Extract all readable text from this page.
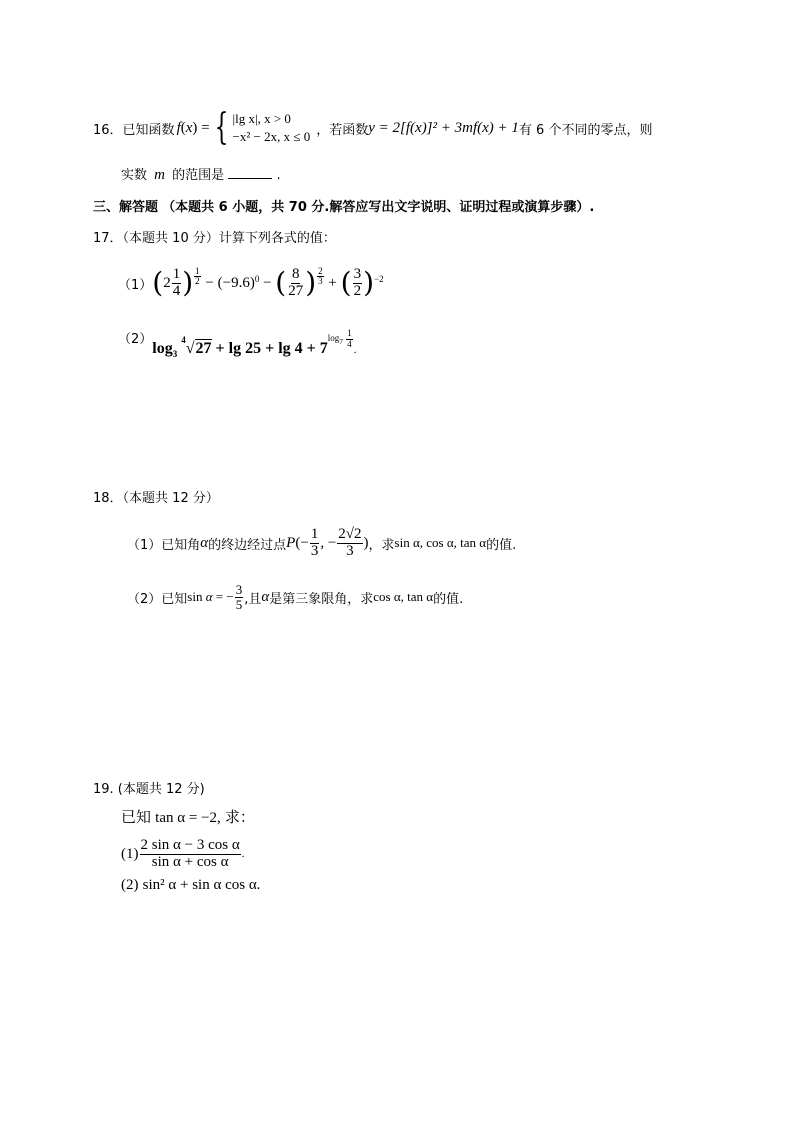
16． 已知函数 f (x) = { |lg x|, x > 0
−x² − 2x, x ≤ 0 ，若函数 y = 2[f(x)]² + 3mf(x) + 1 有 6 个不同的零点，则
实数 m 的范围是	.
三、解答题 （本题共 6 小题，共 70 分.解答应写出文字说明、证明过程或演算步骤）.
17．（本题共 10 分）计算下列各式的值：
（1） ( $2 \frac{1}{4}$ ) $\frac{1}{2} - (-9.6) 0$ − ( $\frac{8}{27}$ ) $\frac{2}{3}$ + ( $\frac{3}{2}$ ) −2
（2）
$\log_3 ^4√27 + \lg 25 + \lg 4 + 7^{log_7 \frac{1}{4}}$
.
18．（本题共 12 分）
（1）已知角 α 的终边经过点 P (− $\frac{1}{3}$ , − $\frac{2√2}{3}$ ) ，求 sin α, cos α, tan α 的值.
（2）已知 sin α = − $\frac{3}{5}$ ,且 α 是第三象限角，求 cos α, tan α 的值.
19. (本题共 12 分)
已知 tan α = −2, 求：
$(1) \frac{\text{2 sin α − 3 cos α}}{\text{sin α + cos α}}$ .
(2) sin² α + sin α cos α.
